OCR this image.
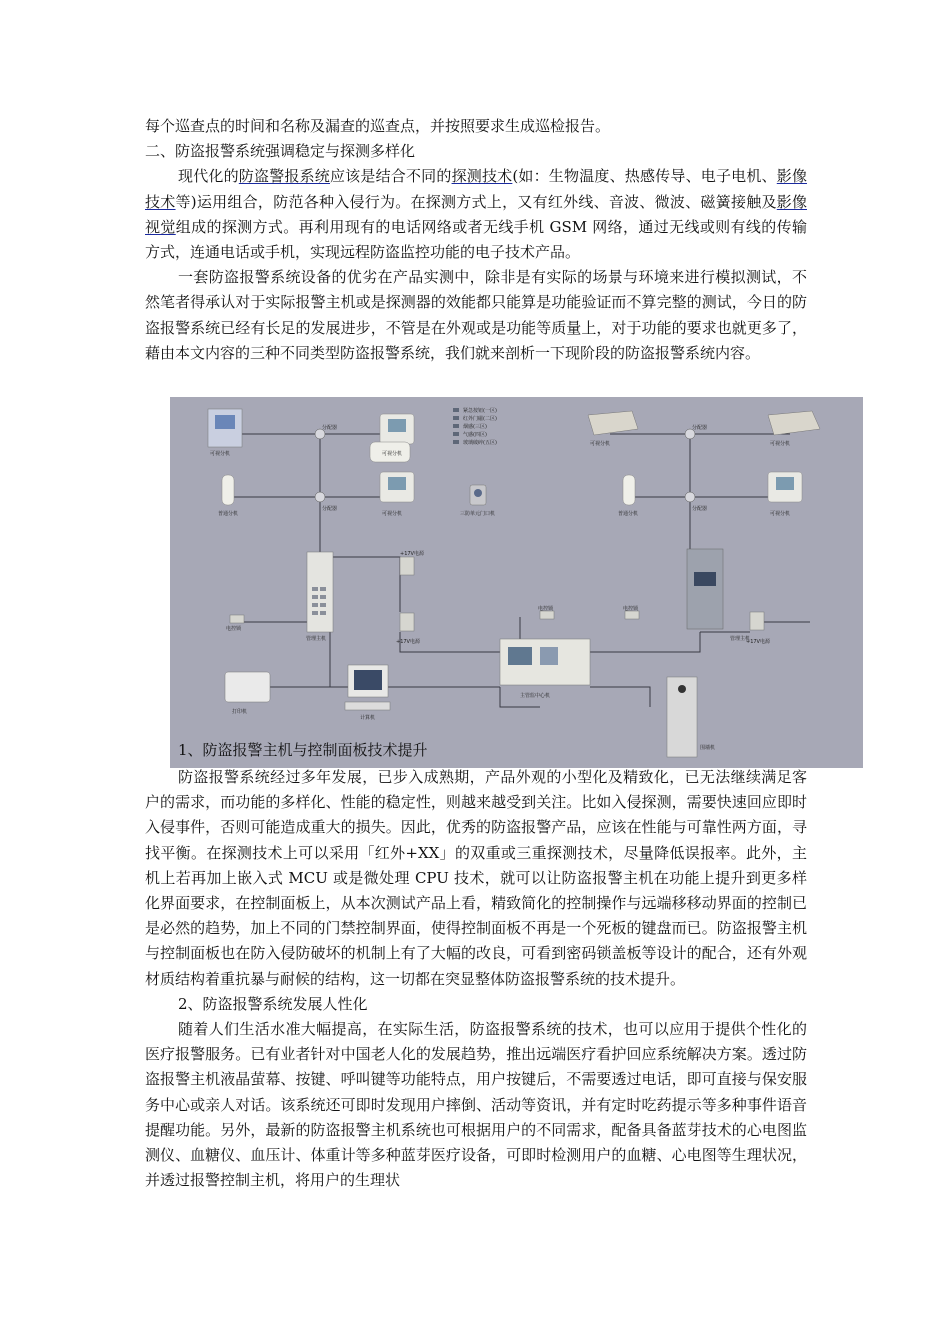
每个巡查点的时间和名称及漏查的巡查点，并按照要求生成巡检报告。

二、防盗报警系统强调稳定与探测多样化

现代化的防盗警报系统应该是结合不同的探测技术(如：生物温度、热感传导、电子电机、影像技术等)运用组合，防范各种入侵行为。在探测方式上，又有红外线、音波、微波、磁簧接触及影像视觉组成的探测方式。再利用现有的电话网络或者无线手机 GSM 网络，通过无线或则有线的传输方式，连通电话或手机，实现远程防盗监控功能的电子技术产品。

一套防盗报警系统设备的优劣在产品实测中，除非是有实际的场景与环境来进行模拟测试，不然笔者得承认对于实际报警主机或是探测器的效能都只能算是功能验证而不算完整的测试，今日的防盗报警系统已经有长足的发展进步，不管是在外观或是功能等质量上，对于功能的要求也就更多了，藉由本文内容的三种不同类型防盗报警系统，我们就来剖析一下现阶段的防盗报警系统内容。

可视分机	可视分机
可视分机
可视分机	可视分机
可视分机
普通分机	普通分机
分配器
分配器
分配器
分配器
三防单元门口机
管理主机	管理主机
电控锁
电控锁	电控锁
+17V电源	+17V电源
+17V电源
打印机
计算机
主管监中心机
围墙机
紧急按钮(一区)
红外门磁(二区)
烟感(三区)
气感(四区)
玻璃破碎(五区)
1、防盗报警主机与控制面板技术提升

防盗报警系统经过多年发展，已步入成熟期，产品外观的小型化及精致化，已无法继续满足客户的需求，而功能的多样化、性能的稳定性，则越来越受到关注。比如入侵探测，需要快速回应即时入侵事件，否则可能造成重大的损失。因此，优秀的防盗报警产品，应该在性能与可靠性两方面，寻找平衡。在探测技术上可以采用「红外+XX」的双重或三重探测技术，尽量降低误报率。此外，主机上若再加上嵌入式 MCU 或是微处理 CPU 技术，就可以让防盗报警主机在功能上提升到更多样化界面要求，在控制面板上，从本次测试产品上看，精致简化的控制操作与远端移移动界面的控制已是必然的趋势，加上不同的门禁控制界面，使得控制面板不再是一个死板的键盘而已。防盗报警主机与控制面板也在防入侵防破坏的机制上有了大幅的改良，可看到密码锁盖板等设计的配合，还有外观材质结构着重抗暴与耐候的结构，这一切都在突显整体防盗报警系统的技术提升。

2、防盗报警系统发展人性化

随着人们生活水准大幅提高，在实际生活，防盗报警系统的技术，也可以应用于提供个性化的医疗报警服务。已有业者针对中国老人化的发展趋势，推出远端医疗看护回应系统解决方案。透过防盗报警主机液晶萤幕、按键、呼叫键等功能特点，用户按键后，不需要透过电话，即可直接与保安服务中心或亲人对话。该系统还可即时发现用户摔倒、活动等资讯，并有定时吃药提示等多种事件语音提醒功能。另外，最新的防盗报警主机系统也可根据用户的不同需求，配备具备蓝芽技术的心电图监测仪、血糖仪、血压计、体重计等多种蓝芽医疗设备，可即时检测用户的血糖、心电图等生理状况，并透过报警控制主机，将用户的生理状
